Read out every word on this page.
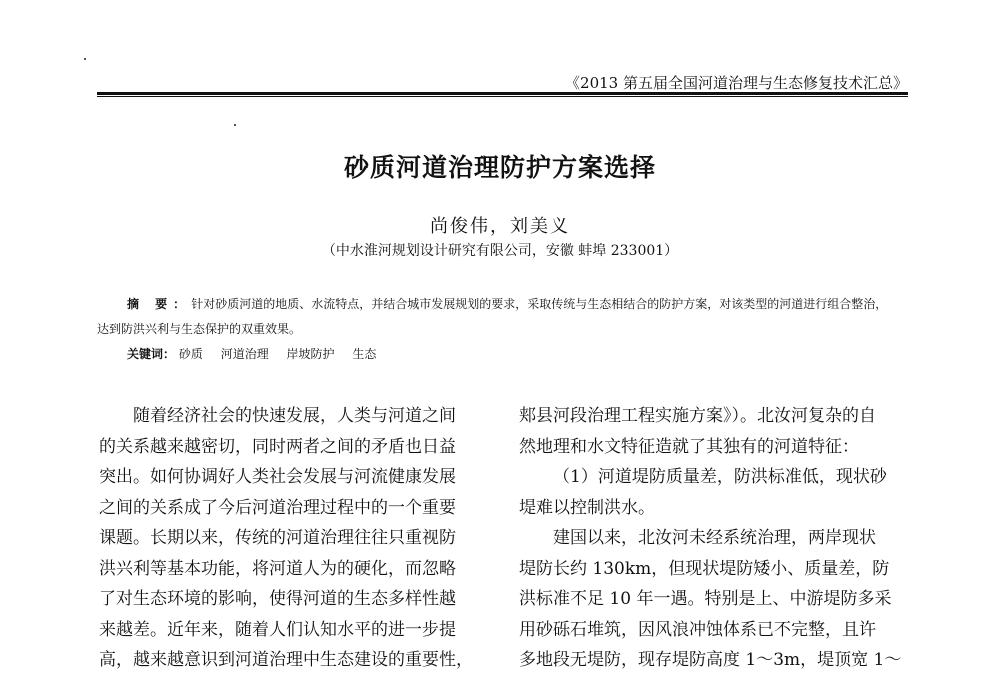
《2013 第五届全国河道治理与生态修复技术汇总》
砂质河道治理防护方案选择
尚俊伟，刘美义
（中水淮河规划设计研究有限公司，安徽 蚌埠 233001）
摘 要：针对砂质河道的地质、水流特点，并结合城市发展规划的要求，采取传统与生态相结合的防护方案，对该类型的河道进行组合整治，
达到防洪兴利与生态保护的双重效果。
关键词： 砂质 河道治理 岸坡防护 生态
随着经济社会的快速发展，人类与河道之间
的关系越来越密切，同时两者之间的矛盾也日益
突出。如何协调好人类社会发展与河流健康发展
之间的关系成了今后河道治理过程中的一个重要
课题。长期以来，传统的河道治理往往只重视防
洪兴利等基本功能，将河道人为的硬化，而忽略
了对生态环境的影响，使得河道的生态多样性越
来越差。近年来，随着人们认知水平的进一步提
高，越来越意识到河道治理中生态建设的重要性，
郏县河段治理工程实施方案》）。北汝河复杂的自
然地理和水文特征造就了其独有的河道特征：
（1）河道堤防质量差，防洪标准低，现状砂
堤难以控制洪水。
建国以来，北汝河未经系统治理，两岸现状
堤防长约 130km，但现状堤防矮小、质量差，防
洪标准不足 10 年一遇。特别是上、中游堤防多采
用砂砾石堆筑，因风浪冲蚀体系已不完整，且许
多地段无堤防，现存堤防高度 1～3m，堤顶宽 1～
